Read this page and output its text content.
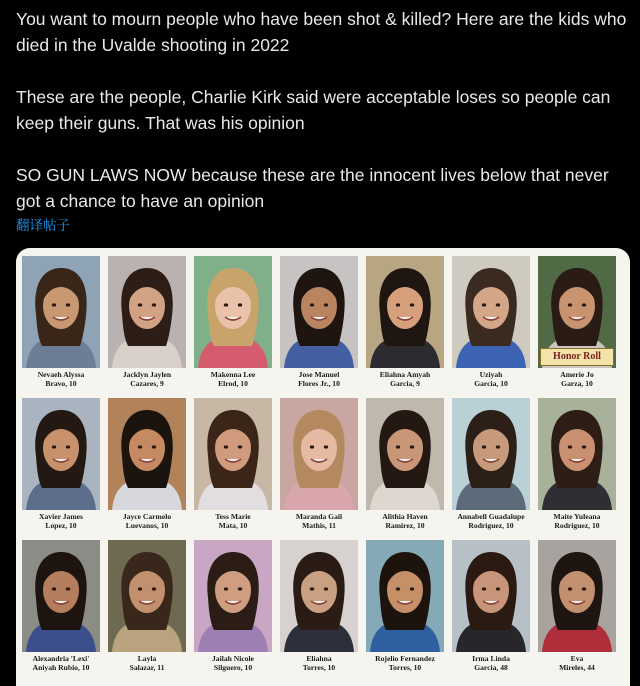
You want to mourn people who have been shot & killed? Here are the kids who died in the Uvalde shooting in 2022

These are the people, Charlie Kirk said were acceptable loses so people can keep their guns. That was his opinion

SO GUN LAWS NOW because these are the innocent lives below that never got a chance to have an opinion

翻译帖子
Nevaeh Alyssa
Bravo, 10
Jacklyn Jaylen
Cazares, 9
Makenna Lee
Elrod, 10
Jose Manuel
Flores Jr., 10
Eliahna Amyah
Garcia, 9
Uziyah
Garcia, 10
Honor Roll
Amerie Jo
Garza, 10
Xavier James
Lopez, 10
Jayce Carmelo
Luevanos, 10
Tess Marie
Mata, 10
Maranda Gail
Mathis, 11
Alithia Haven
Ramirez, 10
Annabell Guadalupe
Rodriguez, 10
Maite Yuleana
Rodriguez, 10
Alexandria 'Lexi'
Aniyah Rubio, 10
Layla
Salazar, 11
Jailah Nicole
Silguero, 10
Eliahna
Torres, 10
Rojelio Fernandez
Torres, 10
Irma Linda
Garcia, 48
Eva
Mireles, 44
